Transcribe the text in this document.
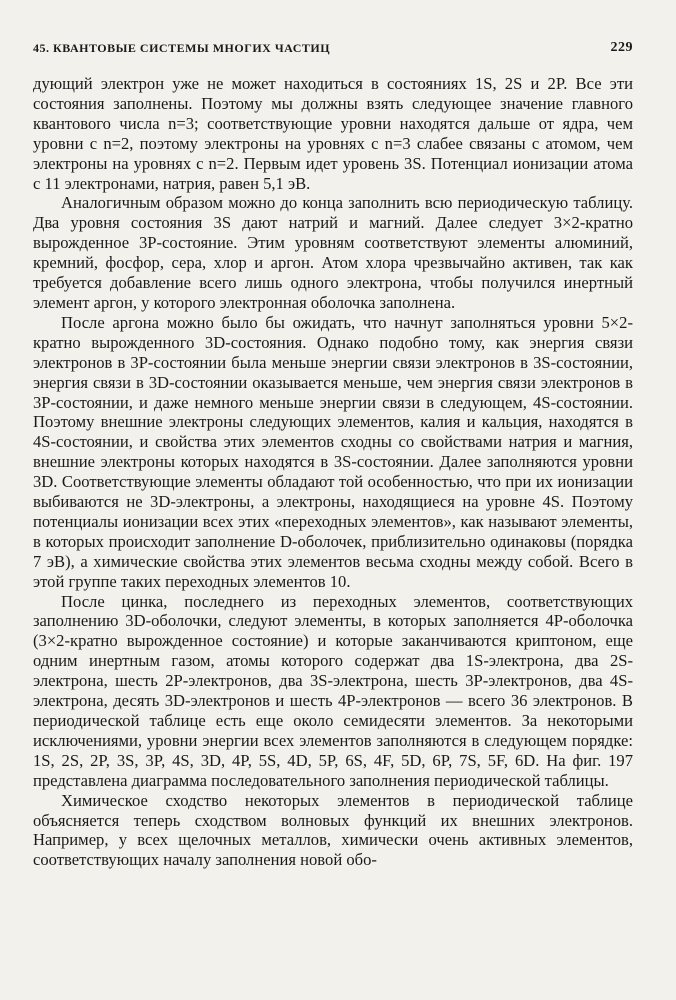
45. КВАНТОВЫЕ СИСТЕМЫ МНОГИХ ЧАСТИЦ	229

дующий электрон уже не может находиться в состояниях 1S, 2S и 2P. Все эти состояния заполнены. Поэтому мы должны взять следующее значение главного квантового числа n=3; соответствующие уровни находятся дальше от ядра, чем уровни с n=2, поэтому электроны на уровнях с n=3 слабее связаны с атомом, чем электроны на уровнях с n=2. Первым идет уровень 3S. Потенциал ионизации атома с 11 электронами, натрия, равен 5,1 эВ.

Аналогичным образом можно до конца заполнить всю периодическую таблицу. Два уровня состояния 3S дают натрий и магний. Далее следует 3×2-кратно вырожденное 3P-состояние. Этим уровням соответствуют элементы алюминий, кремний, фосфор, сера, хлор и аргон. Атом хлора чрезвычайно активен, так как требуется добавление всего лишь одного электрона, чтобы получился инертный элемент аргон, у которого электронная оболочка заполнена.

После аргона можно было бы ожидать, что начнут заполняться уровни 5×2-кратно вырожденного 3D-состояния. Однако подобно тому, как энергия связи электронов в 3P-состоянии была меньше энергии связи электронов в 3S-состоянии, энергия связи в 3D-состоянии оказывается меньше, чем энергия связи электронов в 3P-состоянии, и даже немного меньше энергии связи в следующем, 4S-состоянии. Поэтому внешние электроны следующих элементов, калия и кальция, находятся в 4S-состоянии, и свойства этих элементов сходны со свойствами натрия и магния, внешние электроны которых находятся в 3S-состоянии. Далее заполняются уровни 3D. Соответствующие элементы обладают той особенностью, что при их ионизации выбиваются не 3D-электроны, а электроны, находящиеся на уровне 4S. Поэтому потенциалы ионизации всех этих «переходных элементов», как называют элементы, в которых происходит заполнение D-оболочек, приблизительно одинаковы (порядка 7 эВ), а химические свойства этих элементов весьма сходны между собой. Всего в этой группе таких переходных элементов 10.

После цинка, последнего из переходных элементов, соответствующих заполнению 3D-оболочки, следуют элементы, в которых заполняется 4P-оболочка (3×2-кратно вырожденное состояние) и которые заканчиваются криптоном, еще одним инертным газом, атомы которого содержат два 1S-электрона, два 2S-электрона, шесть 2P-электронов, два 3S-электрона, шесть 3P-электронов, два 4S-электрона, десять 3D-электронов и шесть 4P-электронов — всего 36 электронов. В периодической таблице есть еще около семидесяти элементов. За некоторыми исключениями, уровни энергии всех элементов заполняются в следующем порядке: 1S, 2S, 2P, 3S, 3P, 4S, 3D, 4P, 5S, 4D, 5P, 6S, 4F, 5D, 6P, 7S, 5F, 6D. На фиг. 197 представлена диаграмма последовательного заполнения периодической таблицы.

Химическое сходство некоторых элементов в периодической таблице объясняется теперь сходством волновых функций их внешних электронов. Например, у всех щелочных металлов, химически очень активных элементов, соответствующих началу заполнения новой обо-
